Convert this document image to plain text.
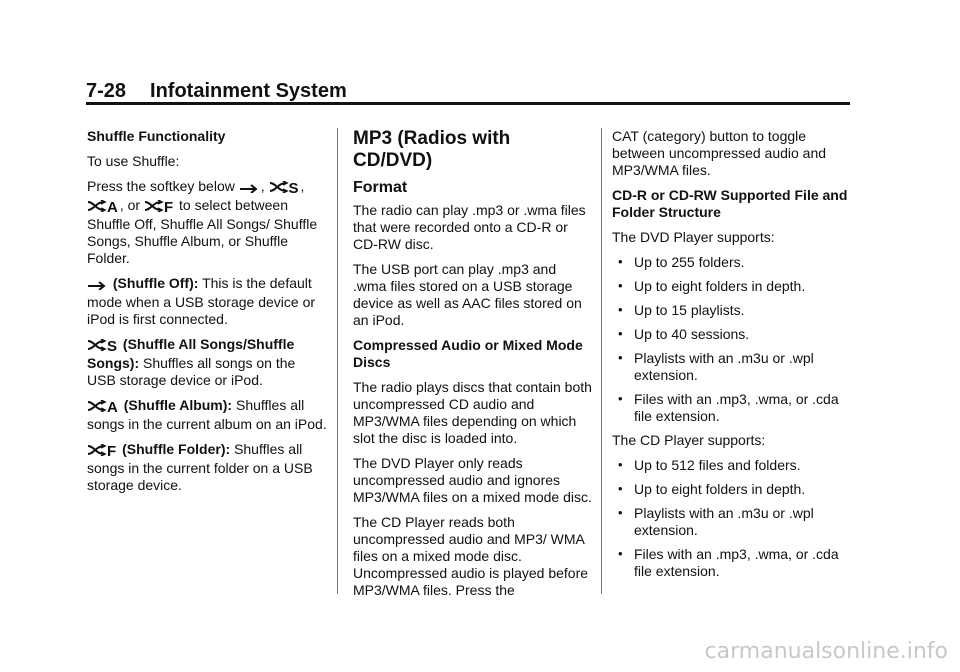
7-28 Infotainment System

Shuffle Functionality

To use Shuffle:

Press the softkey below , S , A , or F to select between Shuffle Off, Shuffle All Songs/ Shuffle Songs, Shuffle Album, or Shuffle Folder.

(Shuffle Off): This is the default mode when a USB storage device or iPod is first connected.

S (Shuffle All Songs/Shuffle Songs): Shuffles all songs on the USB storage device or iPod.

A (Shuffle Album): Shuffles all songs in the current album on an iPod.

F (Shuffle Folder): Shuffles all songs in the current folder on a USB storage device.

MP3 (Radios with CD/DVD)
Format

The radio can play .mp3 or .wma files that were recorded onto a CD-R or CD-RW disc.

The USB port can play .mp3 and .wma files stored on a USB storage device as well as AAC files stored on an iPod.

Compressed Audio or Mixed Mode Discs

The radio plays discs that contain both uncompressed CD audio and MP3/WMA files depending on which slot the disc is loaded into.

The DVD Player only reads uncompressed audio and ignores MP3/WMA files on a mixed mode disc.

The CD Player reads both uncompressed audio and MP3/ WMA files on a mixed mode disc. Uncompressed audio is played before MP3/WMA files. Press the

CAT (category) button to toggle between uncompressed audio and MP3/WMA files.

CD-R or CD-RW Supported File and Folder Structure

The DVD Player supports:

• Up to 255 folders.
• Up to eight folders in depth.
• Up to 15 playlists.
• Up to 40 sessions.
• Playlists with an .m3u or .wpl extension.
• Files with an .mp3, .wma, or .cda file extension.

The CD Player supports:

• Up to 512 files and folders.
• Up to eight folders in depth.
• Playlists with an .m3u or .wpl extension.
• Files with an .mp3, .wma, or .cda file extension.
carmanualsonline.info
